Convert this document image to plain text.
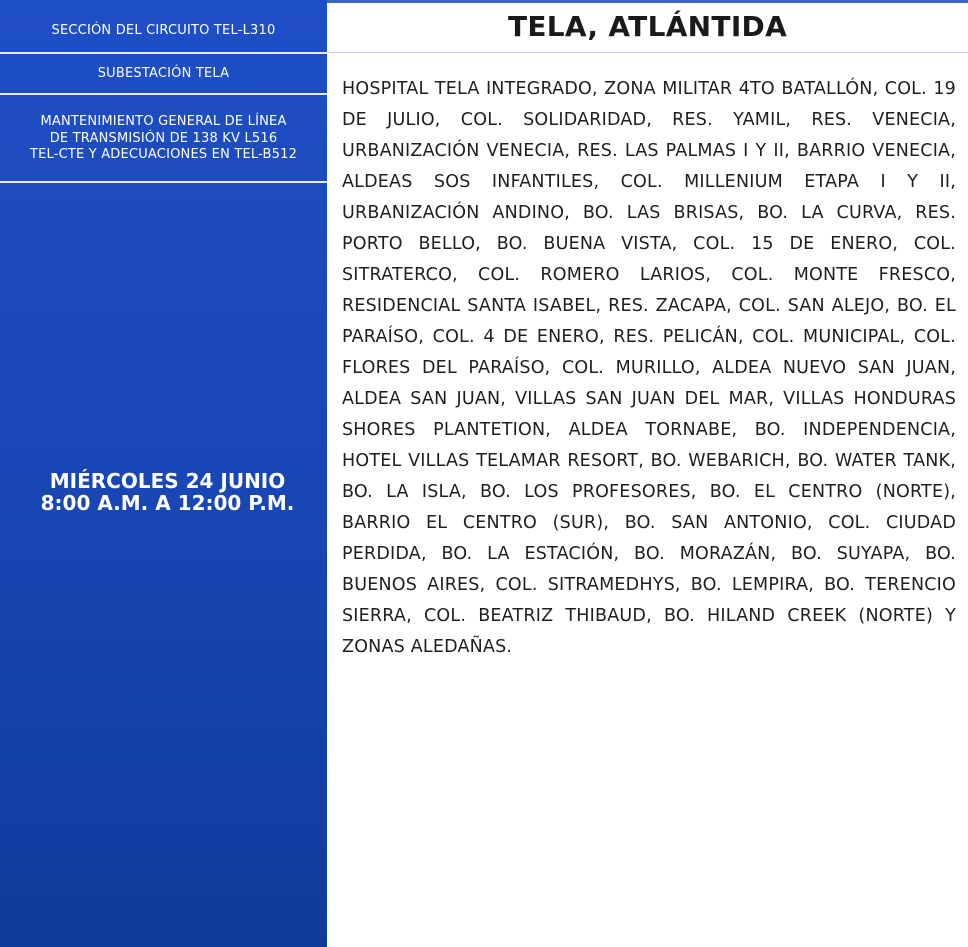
SECCIÓN DEL CIRCUITO TEL-L310
SUBESTACIÓN TELA
MANTENIMIENTO GENERAL DE LÍNEA
DE TRANSMISIÓN DE 138 KV L516
TEL-CTE Y ADECUACIONES EN TEL-B512
MIÉRCOLES 24 JUNIO
8:00 A.M. A 12:00 P.M.
TELA, ATLÁNTIDA
HOSPITAL TELA INTEGRADO, ZONA MILITAR 4TO BATALLÓN, COL. 19 DE JULIO, COL. SOLIDARIDAD, RES. YAMIL, RES. VENECIA, URBANIZACIÓN VENECIA, RES. LAS PALMAS I Y II, BARRIO VENECIA, ALDEAS SOS INFANTILES, COL. MILLENIUM ETAPA I Y II, URBANIZACIÓN ANDINO, BO. LAS BRISAS, BO. LA CURVA, RES. PORTO BELLO, BO. BUENA VISTA, COL. 15 DE ENERO, COL. SITRATERCO, COL. ROMERO LARIOS, COL. MONTE FRESCO, RESIDENCIAL SANTA ISABEL, RES. ZACAPA, COL. SAN ALEJO, BO. EL PARAÍSO, COL. 4 DE ENERO, RES. PELICÁN, COL. MUNICIPAL, COL. FLORES DEL PARAÍSO, COL. MURILLO, ALDEA NUEVO SAN JUAN, ALDEA SAN JUAN, VILLAS SAN JUAN DEL MAR, VILLAS HONDURAS SHORES PLANTETION, ALDEA TORNABE, BO. INDEPENDENCIA, HOTEL VILLAS TELAMAR RESORT, BO. WEBARICH, BO. WATER TANK, BO. LA ISLA, BO. LOS PROFESORES, BO. EL CENTRO (NORTE), BARRIO EL CENTRO (SUR), BO. SAN ANTONIO, COL. CIUDAD PERDIDA, BO. LA ESTACIÓN, BO. MORAZÁN, BO. SUYAPA, BO. BUENOS AIRES, COL. SITRAMEDHYS, BO. LEMPIRA, BO. TERENCIO SIERRA, COL. BEATRIZ THIBAUD, BO. HILAND CREEK (NORTE) Y ZONAS ALEDAÑAS.
